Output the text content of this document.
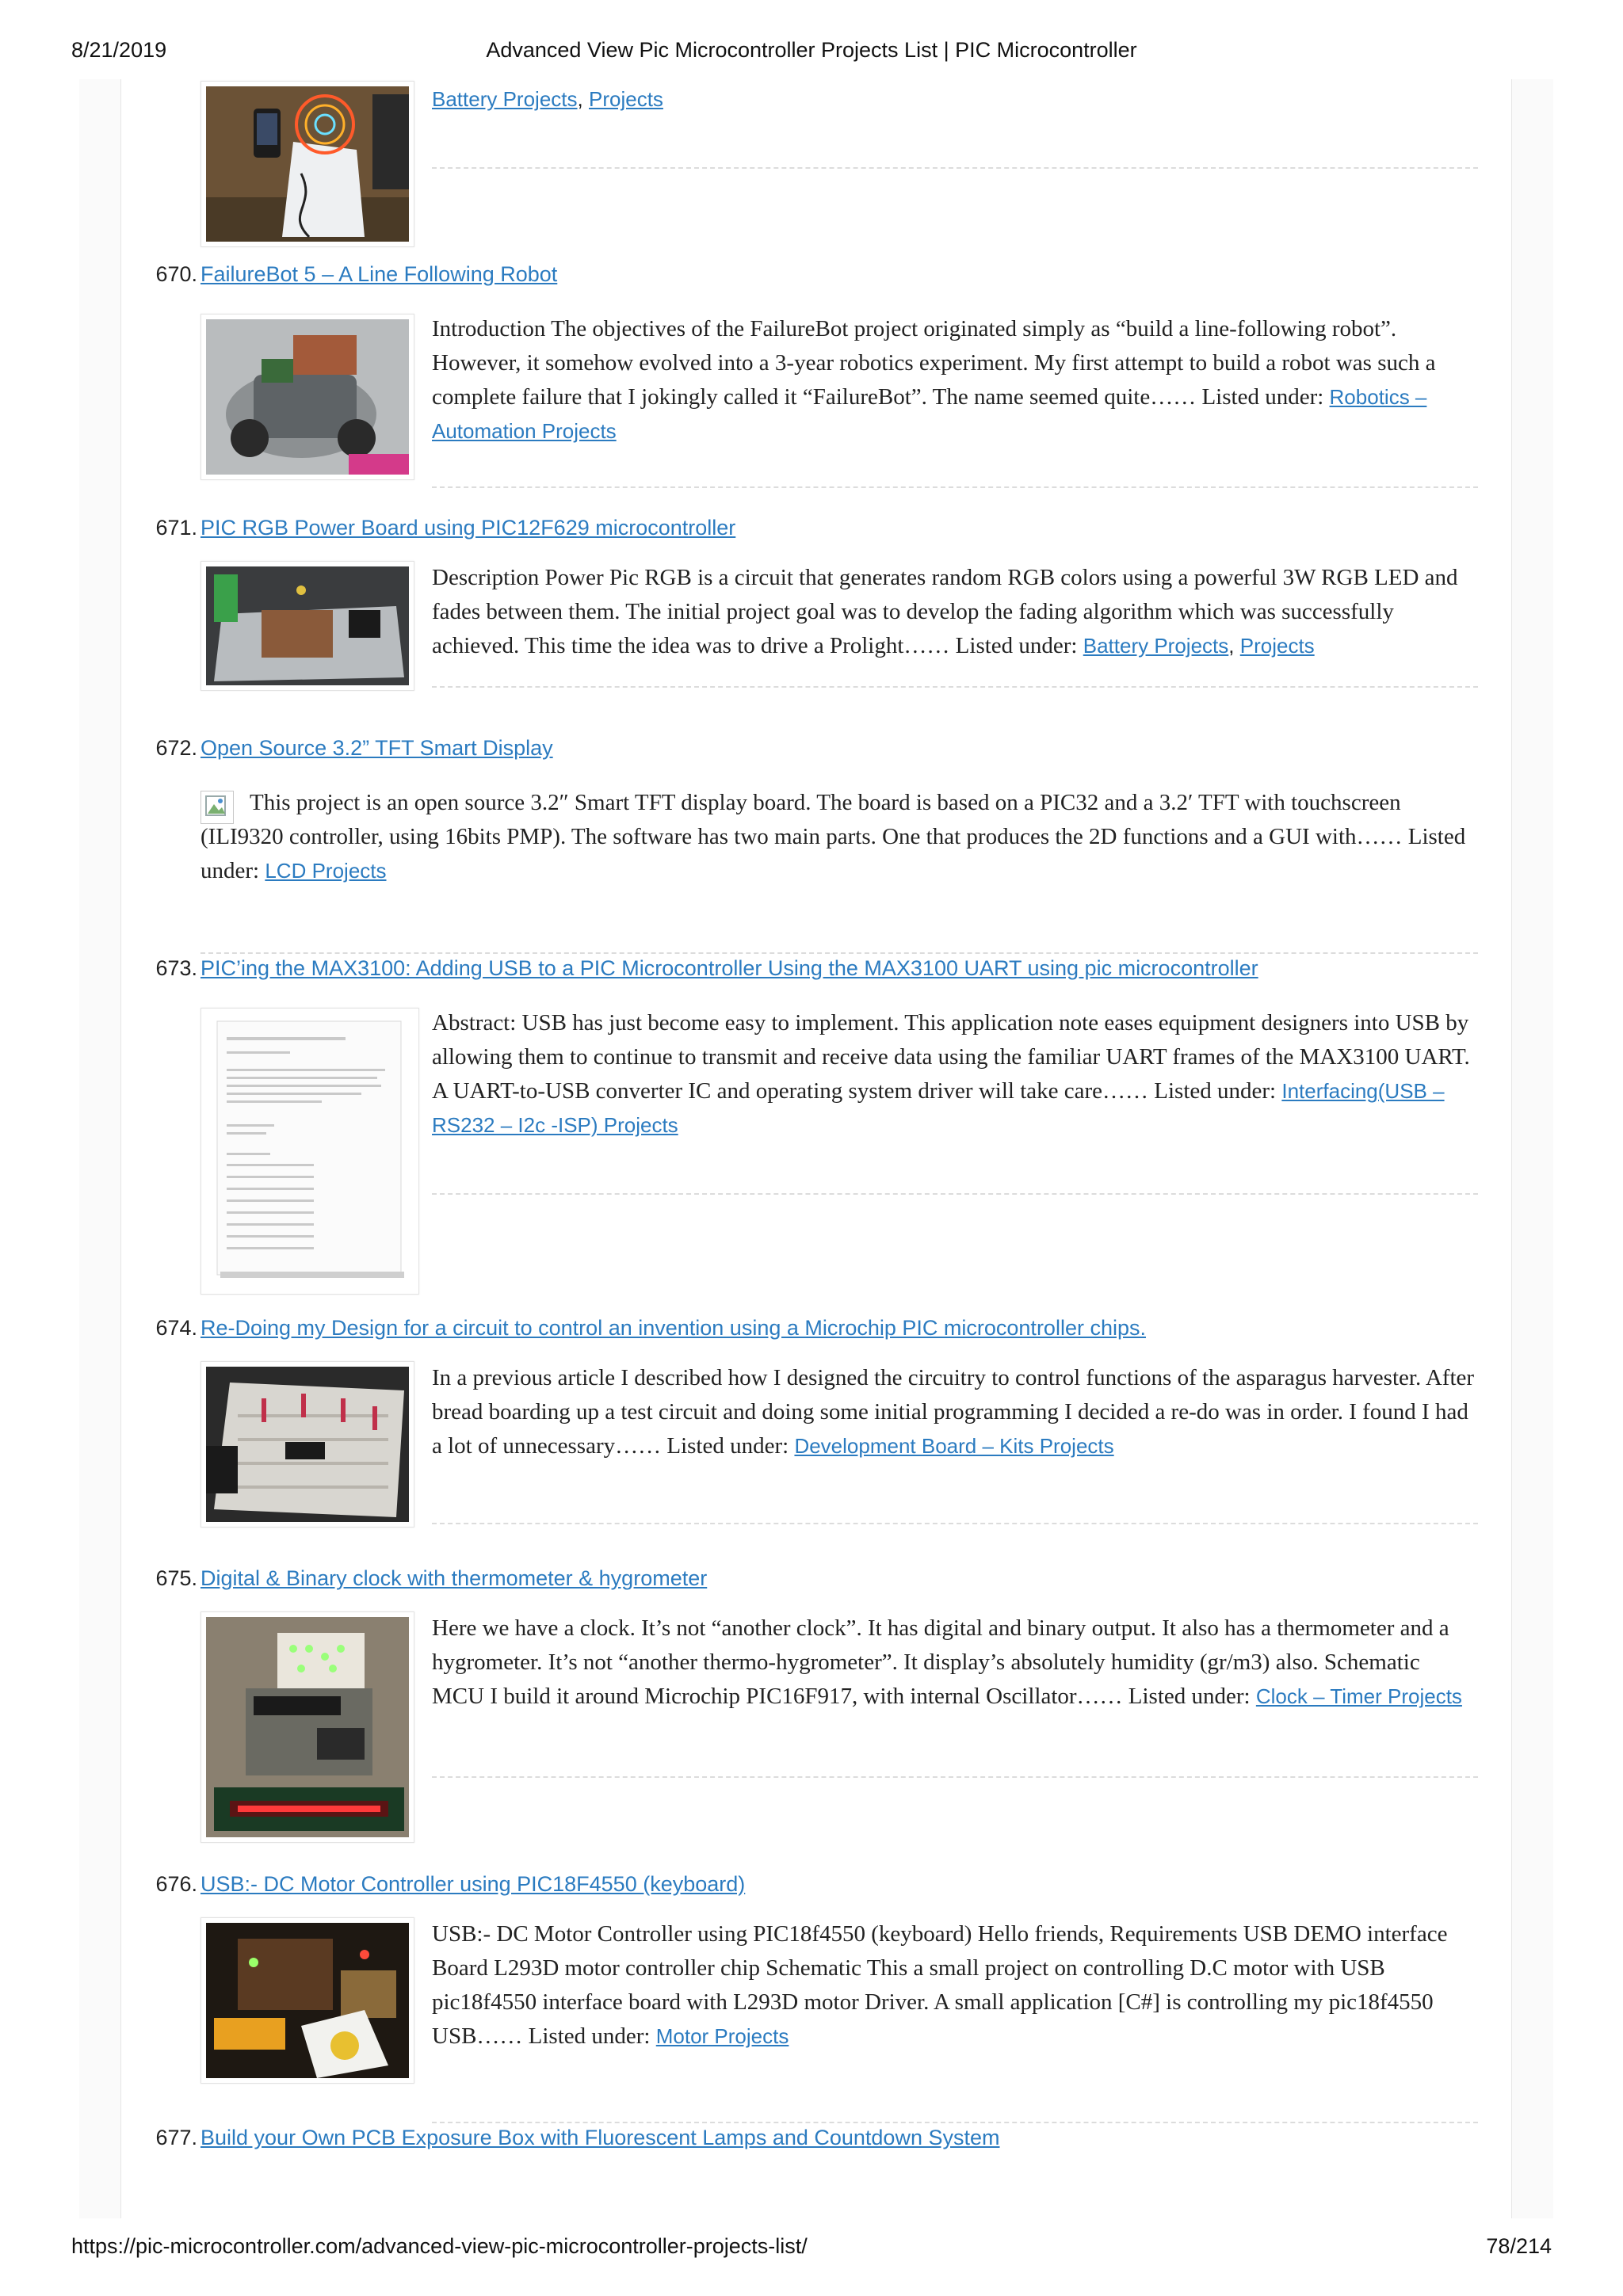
8/21/2019	Advanced View Pic Microcontroller Projects List | PIC Microcontroller
Battery Projects, Projects
670. FailureBot 5 – A Line Following Robot
Introduction The objectives of the FailureBot project originated simply as “build a line-following robot”. However, it somehow evolved into a 3-year robotics experiment. My first attempt to build a robot was such a complete failure that I jokingly called it “FailureBot”. The name seemed quite…… Listed under: Robotics – Automation Projects
671. PIC RGB Power Board using PIC12F629 microcontroller
Description Power Pic RGB is a circuit that generates random RGB colors using a powerful 3W RGB LED and fades between them. The initial project goal was to develop the fading algorithm which was successfully achieved. This time the idea was to drive a Prolight…… Listed under: Battery Projects, Projects
672. Open Source 3.2” TFT Smart Display
This project is an open source 3.2″ Smart TFT display board. The board is based on a PIC32 and a 3.2′ TFT with touchscreen (ILI9320 controller, using 16bits PMP). The software has two main parts. One that produces the 2D functions and a GUI with…… Listed under: LCD Projects
673. PIC’ing the MAX3100: Adding USB to a PIC Microcontroller Using the MAX3100 UART using pic microcontroller
Abstract: USB has just become easy to implement. This application note eases equipment designers into USB by allowing them to continue to transmit and receive data using the familiar UART frames of the MAX3100 UART. A UART-to-USB converter IC and operating system driver will take care…… Listed under: Interfacing(USB – RS232 – I2c -ISP) Projects
674. Re-Doing my Design for a circuit to control an invention using a Microchip PIC microcontroller chips.
In a previous article I described how I designed the circuitry to control functions of the asparagus harvester. After bread boarding up a test circuit and doing some initial programming I decided a re-do was in order. I found I had a lot of unnecessary…… Listed under: Development Board – Kits Projects
675. Digital & Binary clock with thermometer & hygrometer
Here we have a clock. It’s not “another clock”. It has digital and binary output. It also has a thermometer and a hygrometer. It’s not “another thermo-hygrometer”. It display’s absolutely humidity (gr/m3) also. Schematic MCU I build it around Microchip PIC16F917, with internal Oscillator…… Listed under: Clock – Timer Projects
676. USB:- DC Motor Controller using PIC18F4550 (keyboard)
USB:- DC Motor Controller using PIC18f4550 (keyboard) Hello friends, Requirements USB DEMO interface Board L293D motor controller chip Schematic This a small project on controlling D.C motor with USB pic18f4550 interface board with L293D motor Driver. A small application [C#] is controlling my pic18f4550 USB…… Listed under: Motor Projects
677. Build your Own PCB Exposure Box with Fluorescent Lamps and Countdown System
https://pic-microcontroller.com/advanced-view-pic-microcontroller-projects-list/	78/214
